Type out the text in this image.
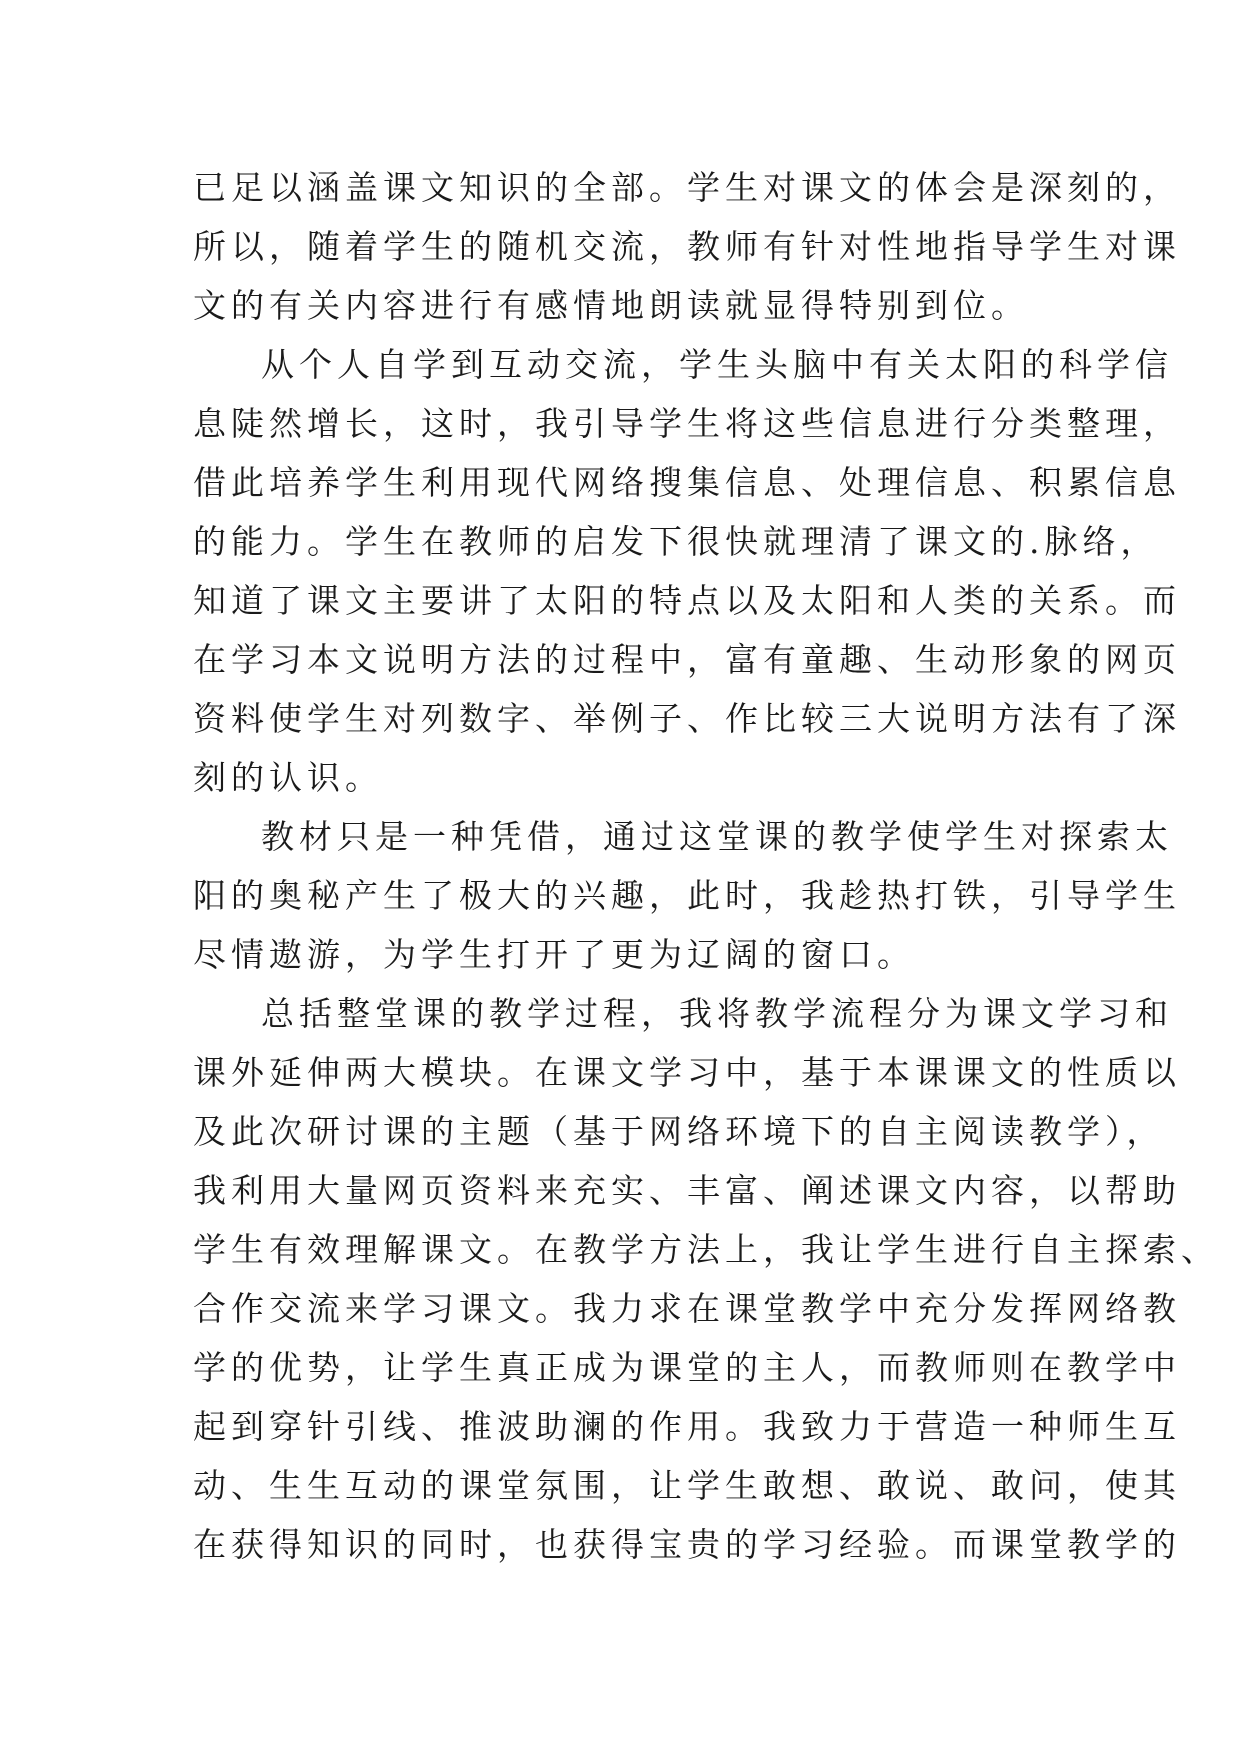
已足以涵盖课文知识的全部。学生对课文的体会是深刻的，
所以，随着学生的随机交流，教师有针对性地指导学生对课
文的有关内容进行有感情地朗读就显得特别到位。
从个人自学到互动交流，学生头脑中有关太阳的科学信
息陡然增长，这时，我引导学生将这些信息进行分类整理，
借此培养学生利用现代网络搜集信息、处理信息、积累信息
的能力。学生在教师的启发下很快就理清了课文的.脉络，
知道了课文主要讲了太阳的特点以及太阳和人类的关系。而
在学习本文说明方法的过程中，富有童趣、生动形象的网页
资料使学生对列数字、举例子、作比较三大说明方法有了深
刻的认识。
教材只是一种凭借，通过这堂课的教学使学生对探索太
阳的奥秘产生了极大的兴趣，此时，我趁热打铁，引导学生
尽情遨游，为学生打开了更为辽阔的窗口。
总括整堂课的教学过程，我将教学流程分为课文学习和
课外延伸两大模块。在课文学习中，基于本课课文的性质以
及此次研讨课的主题（基于网络环境下的自主阅读教学），
我利用大量网页资料来充实、丰富、阐述课文内容，以帮助
学生有效理解课文。在教学方法上，我让学生进行自主探索、
合作交流来学习课文。我力求在课堂教学中充分发挥网络教
学的优势，让学生真正成为课堂的主人，而教师则在教学中
起到穿针引线、推波助澜的作用。我致力于营造一种师生互
动、生生互动的课堂氛围，让学生敢想、敢说、敢问，使其
在获得知识的同时，也获得宝贵的学习经验。而课堂教学的
